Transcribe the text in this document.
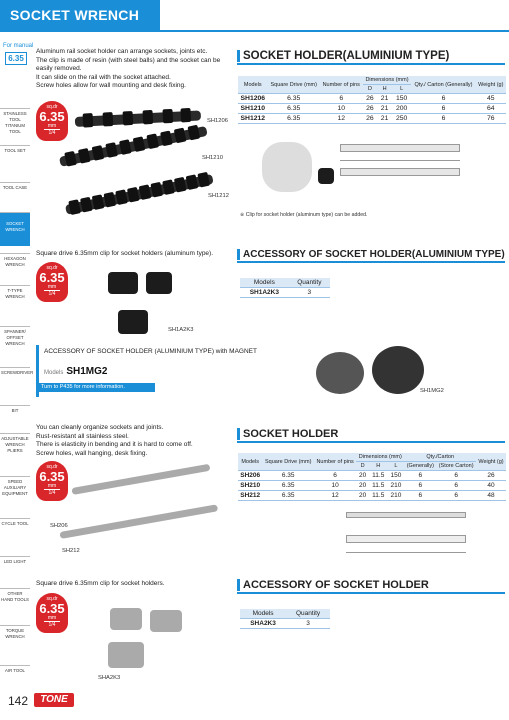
SOCKET WRENCH
For manual
6.35
STAINLESS TOOL TITANIUM TOOL
TOOL SET
TOOL CASE
SOCKET WRENCH
HEXAGON WRENCH
T-TYPE WRENCH
SPANNER/ OFFSET WRENCH
SCREWDRIVER
BIT
ADJUSTABLE WRENCH PLIERS
SPEED AUXILIARY EQUIPMENT
CYCLE TOOL
LED LIGHT
OTHER HAND TOOLS
TORQUE WRENCH
AIR TOOL
Aluminum rail socket holder can arrange sockets, joints etc.
The clip is made of resin (with steel balls) and the socket can be
easily removed.
It can slide on the rail with the socket attached.
Screw holes allow for wall mounting and desk fixing.
sq.dr
6.35
mm
1/4
SH1206
SH1210
SH1212
SOCKET HOLDER(ALUMINIUM TYPE)
Models	Square Drive (mm)	Number of pins	Dimensions (mm)			Qty./ Carton (Generally)	Weight (g)
			D	H	L		
SH1206	6.35	6	26	21	150	6	45
SH1210	6.35	10	26	21	200	6	64
SH1212	6.35	12	26	21	250	6	76
※ Clip for socket holder (aluminum type) can be added.
Square drive 6.35mm clip for socket holders (aluminum type).
sq.dr
6.35
mm
1/4
SH1A2K3
ACCESSORY OF SOCKET HOLDER(ALUMINIUM TYPE)
Models	Quantity
SH1A2K3	3
ACCESSORY OF SOCKET HOLDER (ALUMINIUM TYPE) with MAGNET
Models SH1MG2
Turn to P435 for more information.
SH1MG2
You can cleanly organize sockets and joints.
Rust-resistant all stainless steel.
There is elasticity in bending and it is hard to come off.
Screw holes, wall hanging, desk fixing.
sq.dr
6.35
mm
1/4
SH206
SH212
SOCKET HOLDER
Models	Square Drive (mm)	Number of pins	Dimensions (mm)			Qty./Carton		Weight (g)
			D	H	L	(Generally)	(Store Carton)	
SH206	6.35	6	20	11.5	150	6	6	26
SH210	6.35	10	20	11.5	210	6	6	40
SH212	6.35	12	20	11.5	210	6	6	48
Square drive 6.35mm clip for socket holders.
sq.dr
6.35
mm
1/4
SHA2K3
ACCESSORY OF SOCKET HOLDER
Models	Quantity
SHA2K3	3
142	TONE
